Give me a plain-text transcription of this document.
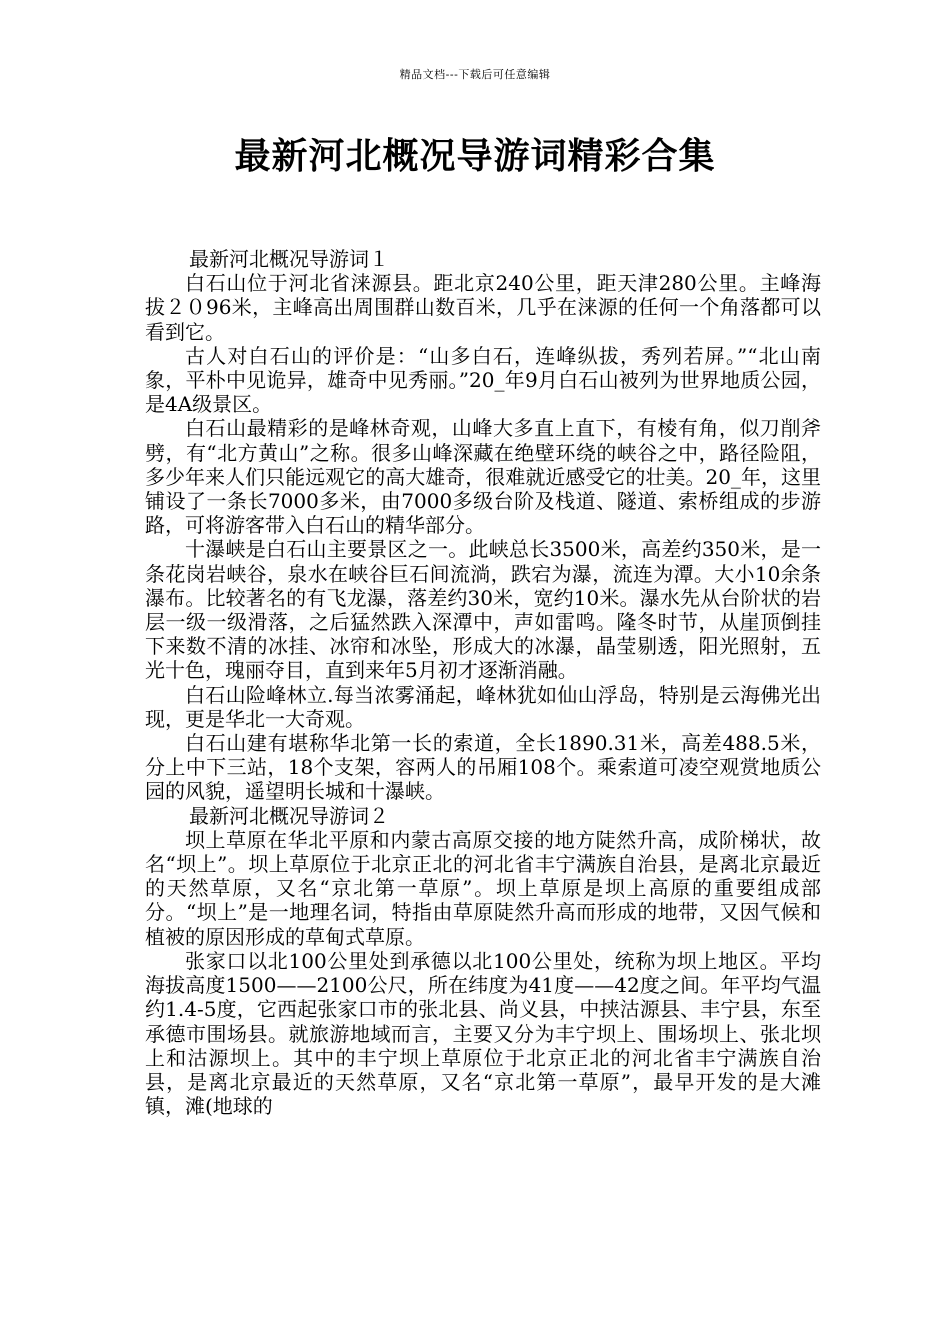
精品文档---下载后可任意编辑
最新河北概况导游词精彩合集

最新河北概况导游词１

白石山位于河北省涞源县。距北京240公里，距天津280公里。主峰海拔２０96米，主峰高出周围群山数百米，几乎在涞源的任何一个角落都可以看到它。

古人对白石山的评价是：“山多白石，连峰纵拔，秀列若屏。”“北山南象，平朴中见诡异，雄奇中见秀丽。”20_年9月白石山被列为世界地质公园，是4A级景区。

白石山最精彩的是峰林奇观，山峰大多直上直下，有棱有角，似刀削斧劈，有“北方黄山”之称。很多山峰深藏在绝壁环绕的峡谷之中，路径险阻，多少年来人们只能远观它的高大雄奇，很难就近感受它的壮美。20_年，这里铺设了一条长7000多米，由7000多级台阶及栈道、隧道、索桥组成的步游路，可将游客带入白石山的精华部分。

十瀑峡是白石山主要景区之一。此峡总长3500米，高差约350米，是一条花岗岩峡谷，泉水在峡谷巨石间流淌，跌宕为瀑，流连为潭。大小10余条瀑布。比较著名的有飞龙瀑，落差约30米，宽约10米。瀑水先从台阶状的岩层一级一级滑落，之后猛然跌入深潭中，声如雷鸣。隆冬时节，从崖顶倒挂下来数不清的冰挂、冰帘和冰坠，形成大的冰瀑，晶莹剔透，阳光照射，五光十色，瑰丽夺目，直到来年5月初才逐渐消融。

白石山险峰林立.每当浓雾涌起，峰林犹如仙山浮岛，特别是云海佛光出现，更是华北一大奇观。

白石山建有堪称华北第一长的索道，全长1890.31米，高差488.5米，分上中下三站，18个支架，容两人的吊厢108个。乘索道可凌空观赏地质公园的风貌，遥望明长城和十瀑峡。

最新河北概况导游词２

坝上草原在华北平原和内蒙古高原交接的地方陡然升高，成阶梯状，故名“坝上”。坝上草原位于北京正北的河北省丰宁满族自治县，是离北京最近的天然草原，又名“京北第一草原”。坝上草原是坝上高原的重要组成部分。“坝上”是一地理名词，特指由草原陡然升高而形成的地带，又因气候和植被的原因形成的草甸式草原。

张家口以北100公里处到承德以北100公里处，统称为坝上地区。平均海拔高度1500——2100公尺，所在纬度为41度——42度之间。年平均气温约1.4-5度，它西起张家口市的张北县、尚义县，中挟沽源县、丰宁县，东至承德市围场县。就旅游地域而言，主要又分为丰宁坝上、围场坝上、张北坝上和沽源坝上。其中的丰宁坝上草原位于北京正北的河北省丰宁满族自治县，是离北京最近的天然草原，又名“京北第一草原”，最早开发的是大滩镇，滩(地球的
